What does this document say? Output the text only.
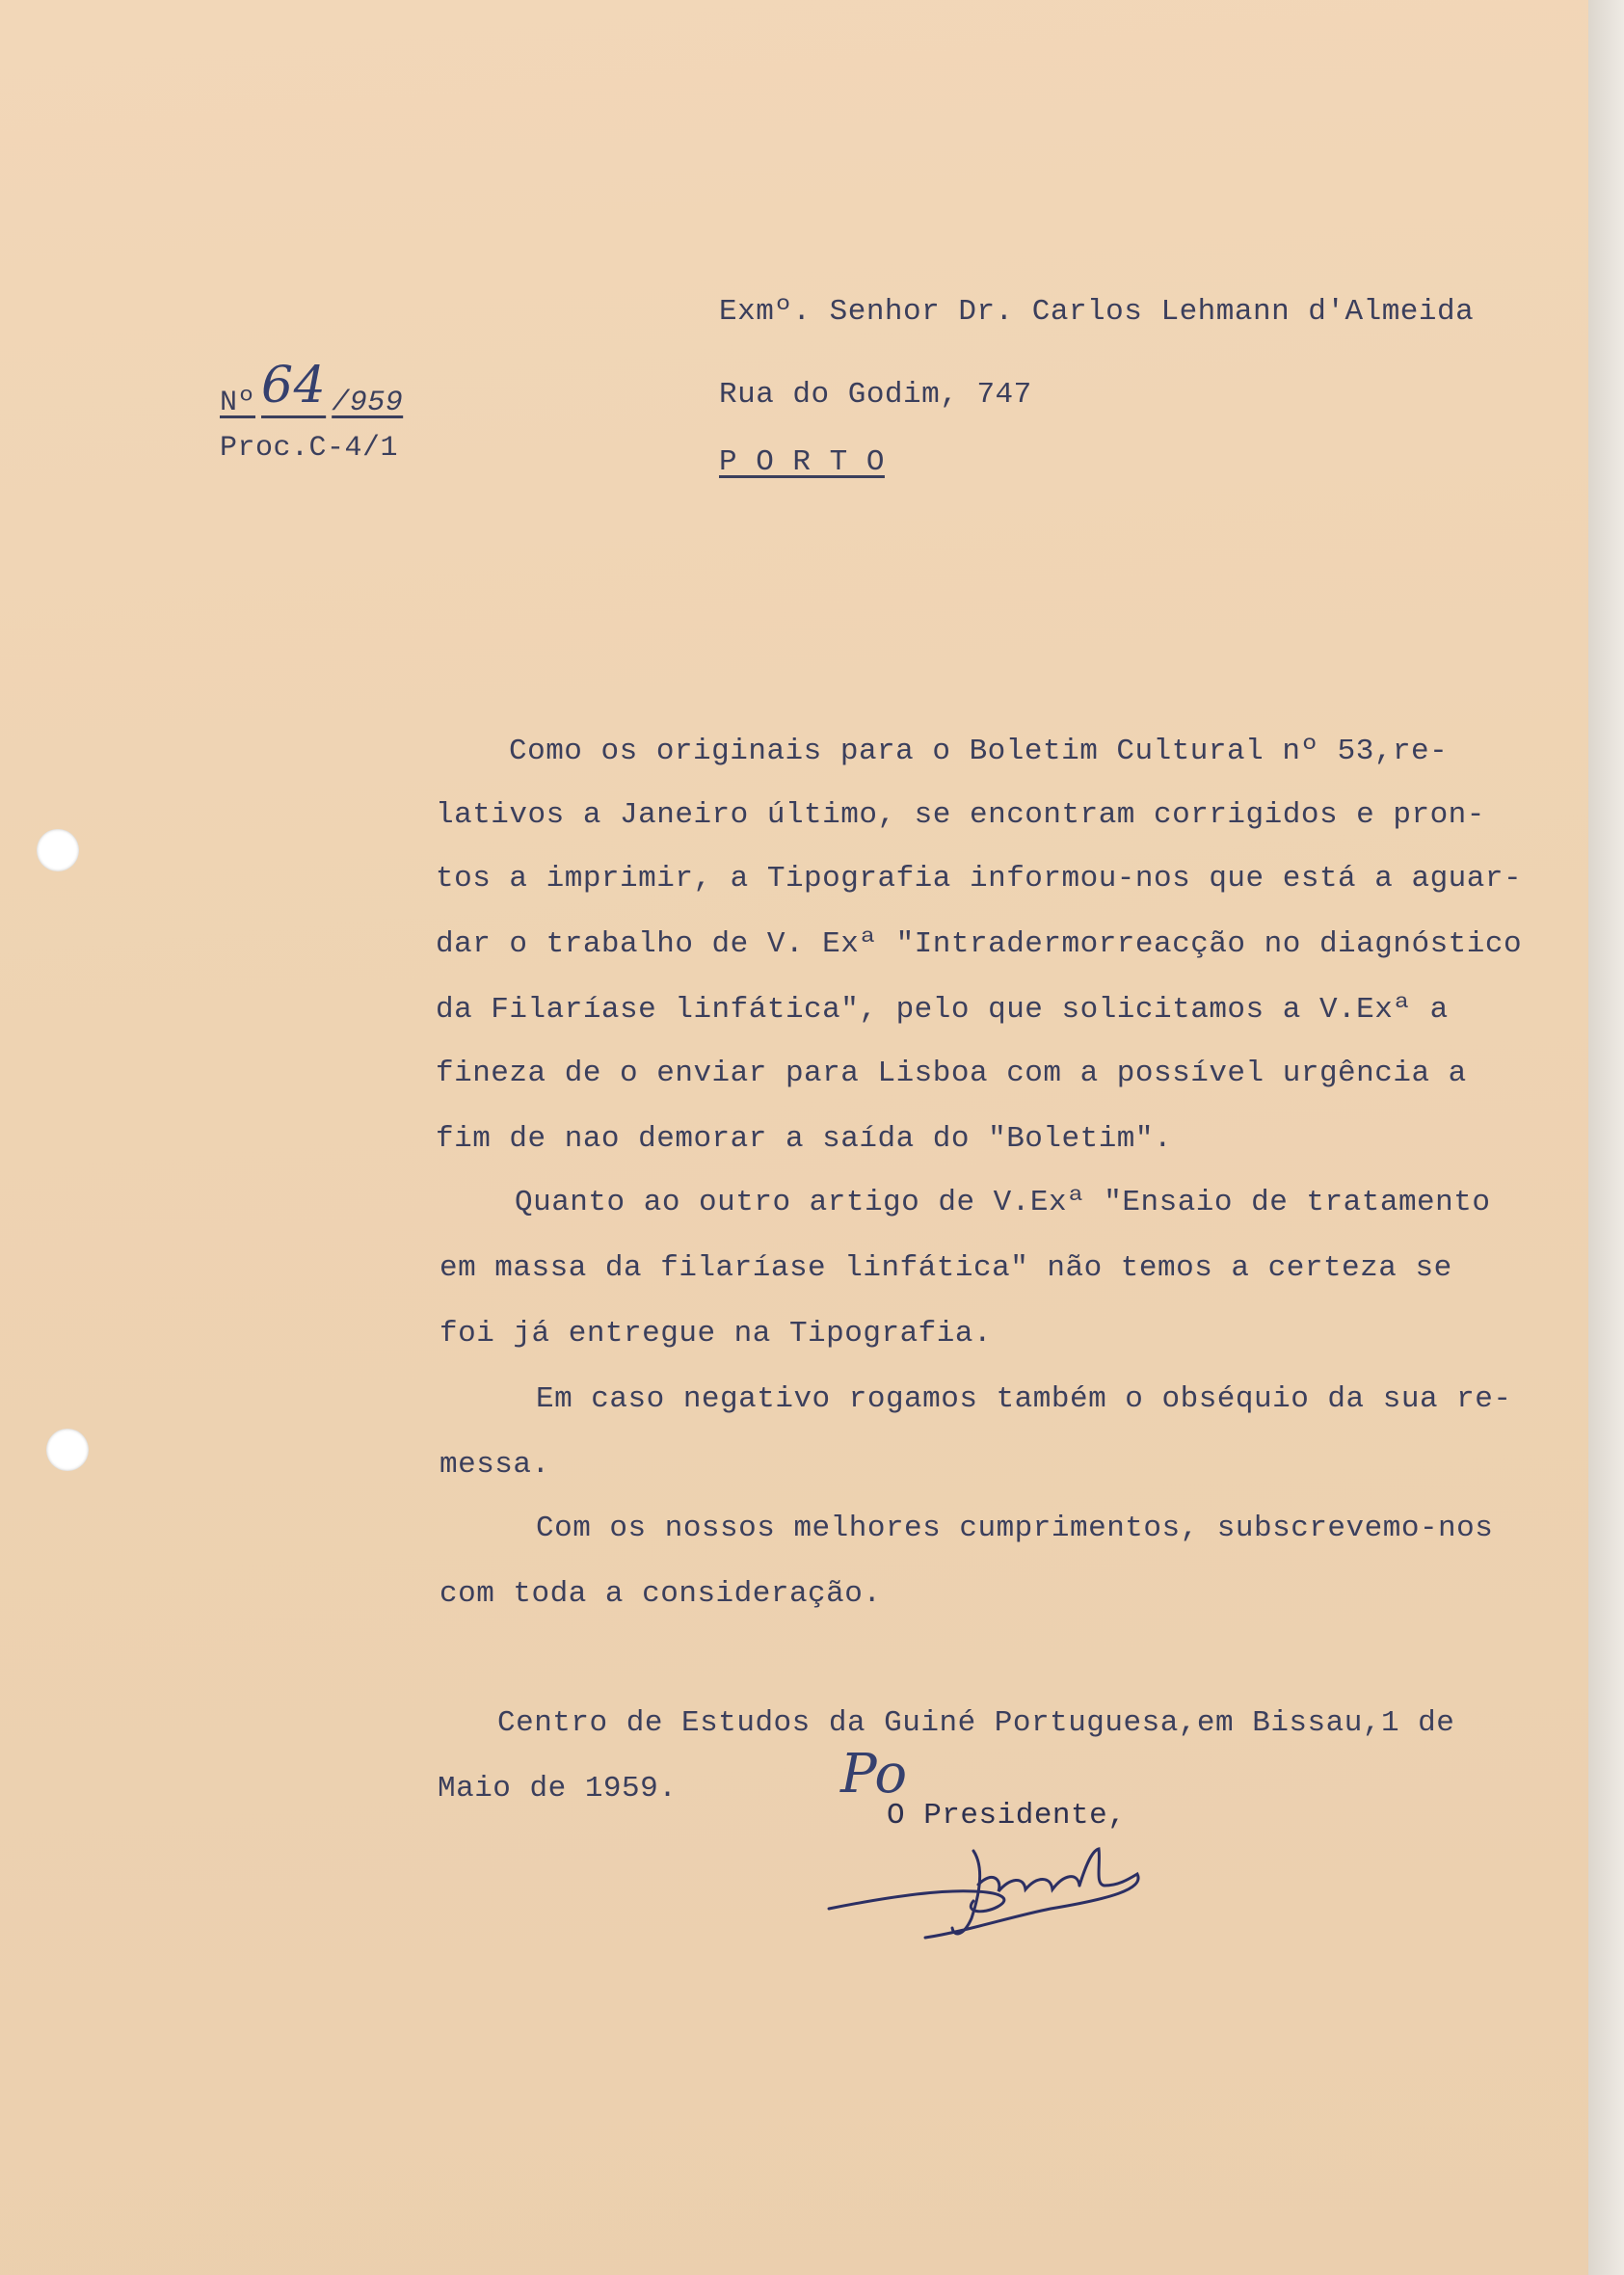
Nº 64 /959
Proc.C-4/1
Exmº. Senhor Dr. Carlos Lehmann d'Almeida
Rua do Godim, 747
P O R T O
Como os originais para o Boletim Cultural nº 53,re-
lativos a Janeiro último, se encontram corrigidos e pron-
tos a imprimir, a Tipografia informou-nos que está a aguar-
dar o trabalho de V. Exª "Intradermorreacção no diagnóstico
da Filaríase linfática", pelo que solicitamos a V.Exª a
fineza de o enviar para Lisboa com a possível urgência a
fim de nao demorar a saída do "Boletim".
Quanto ao outro artigo de V.Exª "Ensaio de tratamento
em massa da filaríase linfática" não temos a certeza se
foi já entregue na Tipografia.
Em caso negativo rogamos também o obséquio da sua re-
messa.
Com os nossos melhores cumprimentos, subscrevemo-nos
com toda a consideração.
Centro de Estudos da Guiné Portuguesa,em Bissau,1 de
Maio de 1959.	Po
O Presidente,
